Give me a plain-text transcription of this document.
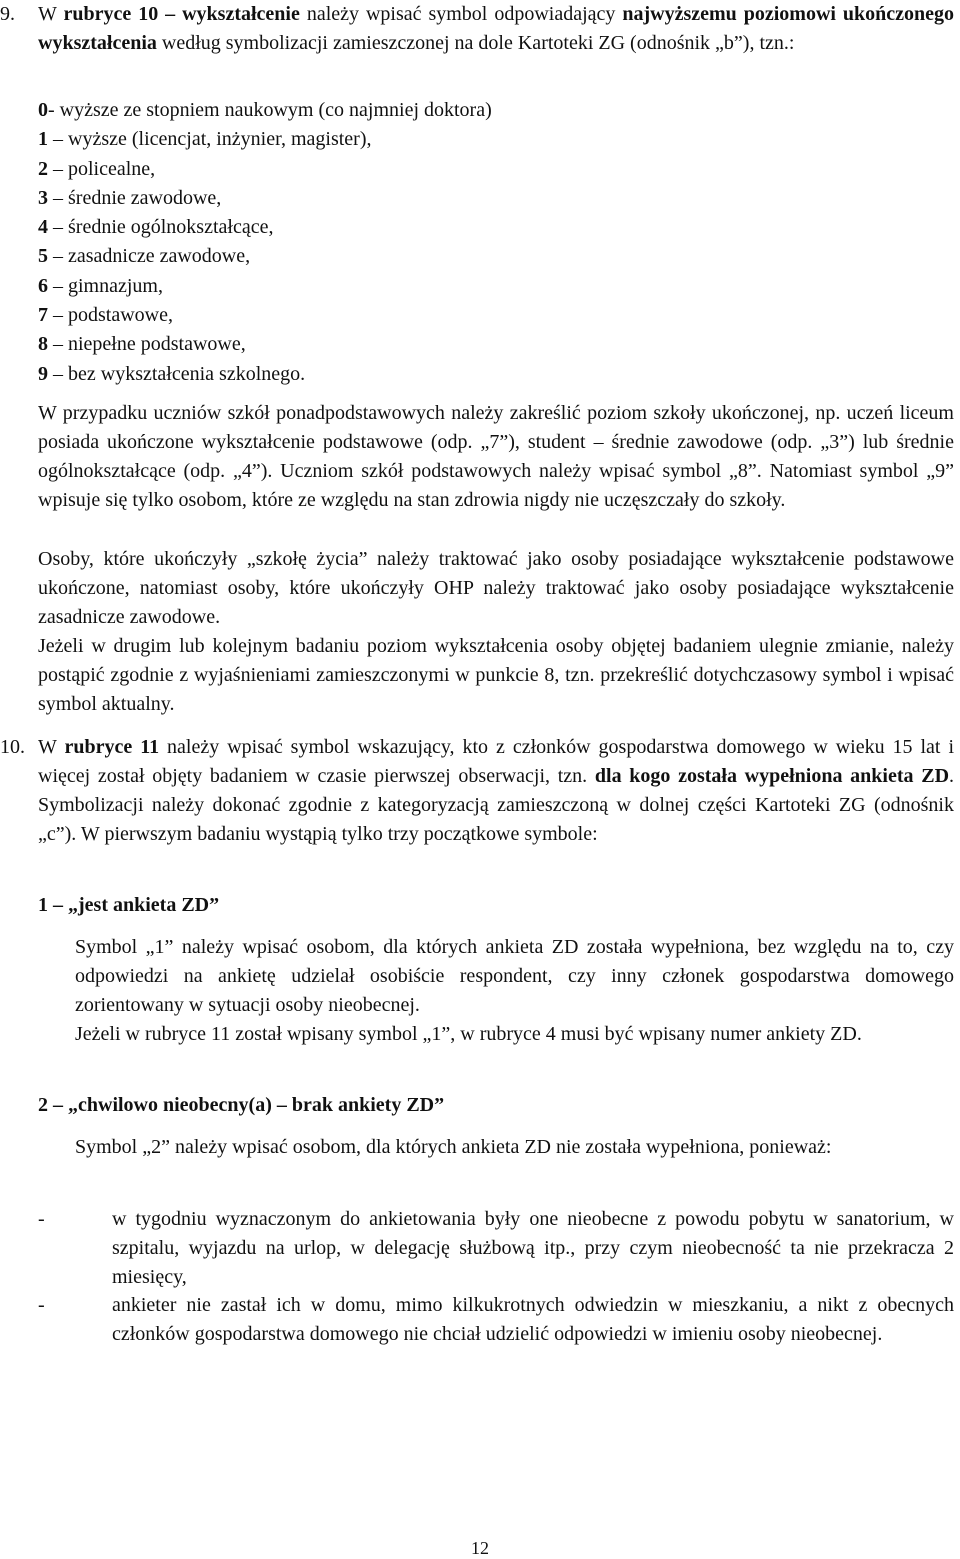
9. W rubryce 10 – wykształcenie należy wpisać symbol odpowiadający najwyższemu poziomowi ukończonego wykształcenia według symbolizacji zamieszczonej na dole Kartoteki ZG (odnośnik „b”), tzn.:
0- wyższe ze stopniem naukowym (co najmniej doktora)
1 – wyższe (licencjat, inżynier, magister),
2 – policealne,
3 – średnie zawodowe,
4 – średnie ogólnokształcące,
5 – zasadnicze zawodowe,
6 – gimnazjum,
7 – podstawowe,
8 – niepełne podstawowe,
9 – bez wykształcenia szkolnego.

W przypadku uczniów szkół ponadpodstawowych należy zakreślić poziom szkoły ukończonej, np. uczeń liceum posiada ukończone wykształcenie podstawowe (odp. „7”), student – średnie zawodowe (odp. „3”) lub średnie ogólnokształcące (odp. „4”). Uczniom szkół podstawowych należy wpisać symbol „8”. Natomiast symbol „9” wpisuje się tylko osobom, które ze względu na stan zdrowia nigdy nie uczęszczały do szkoły.

Osoby, które ukończyły „szkołę życia” należy traktować jako osoby posiadające wykształcenie podstawowe ukończone, natomiast osoby, które ukończyły OHP należy traktować jako osoby posiadające wykształcenie zasadnicze zawodowe.

Jeżeli w drugim lub kolejnym badaniu poziom wykształcenia osoby objętej badaniem ulegnie zmianie, należy postąpić zgodnie z wyjaśnieniami zamieszczonymi w punkcie 8, tzn. przekreślić dotychczasowy symbol i wpisać symbol aktualny.

10. W rubryce 11 należy wpisać symbol wskazujący, kto z członków gospodarstwa domowego w wieku 15 lat i więcej został objęty badaniem w czasie pierwszej obserwacji, tzn. dla kogo została wypełniona ankieta ZD. Symbolizacji należy dokonać zgodnie z kategoryzacją zamieszczoną w dolnej części Kartoteki ZG (odnośnik „c”). W pierwszym badaniu wystąpią tylko trzy początkowe symbole:

1 – „jest ankieta ZD”

Symbol „1” należy wpisać osobom, dla których ankieta ZD została wypełniona, bez względu na to, czy odpowiedzi na ankietę udzielał osobiście respondent, czy inny członek gospodarstwa domowego zorientowany w sytuacji osoby nieobecnej.

Jeżeli w rubryce 11 został wpisany symbol „1”, w rubryce 4 musi być wpisany numer ankiety ZD.

2 – „chwilowo nieobecny(a) – brak ankiety ZD”

Symbol „2” należy wpisać osobom, dla których ankieta ZD nie została wypełniona, ponieważ:

-	w tygodniu wyznaczonym do ankietowania były one nieobecne z powodu pobytu w sanatorium, w szpitalu, wyjazdu na urlop, w delegację służbową itp., przy czym nieobecność ta nie przekracza 2 miesięcy,

-	ankieter nie zastał ich w domu, mimo kilkukrotnych odwiedzin w mieszkaniu, a nikt z obecnych członków gospodarstwa domowego nie chciał udzielić odpowiedzi w imieniu osoby nieobecnej.

12
